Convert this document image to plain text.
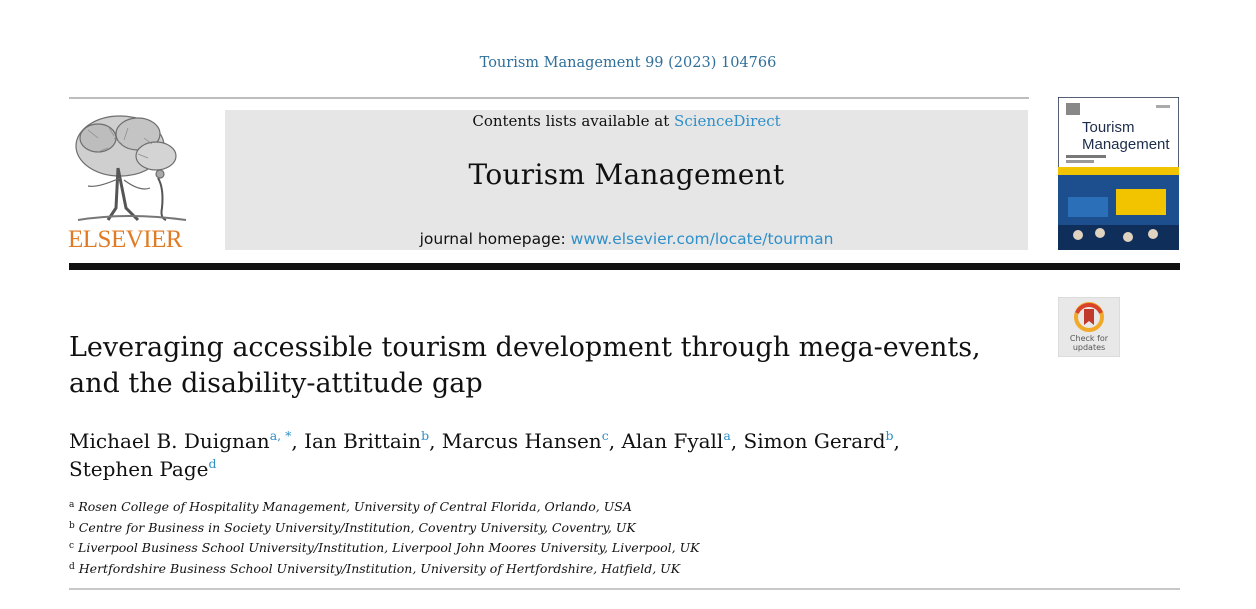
Tourism Management 99 (2023) 104766
ELSEVIER
Contents lists available at ScienceDirect
Tourism Management
journal homepage: www.elsevier.com/locate/tourman
Tourism
Management
Check for
updates
Leveraging accessible tourism development through mega-events, and the disability-attitude gap
Michael B. Duignan$^{a, *}$, Ian Brittain$^b$, Marcus Hansen$^c$, Alan Fyall$^a$, Simon Gerard$^b$,
Stephen Page$^d$
$^a$ Rosen College of Hospitality Management, University of Central Florida, Orlando, USA
$^b$ Centre for Business in Society University/Institution, Coventry University, Coventry, UK
$^c$ Liverpool Business School University/Institution, Liverpool John Moores University, Liverpool, UK
$^d$ Hertfordshire Business School University/Institution, University of Hertfordshire, Hatfield, UK
